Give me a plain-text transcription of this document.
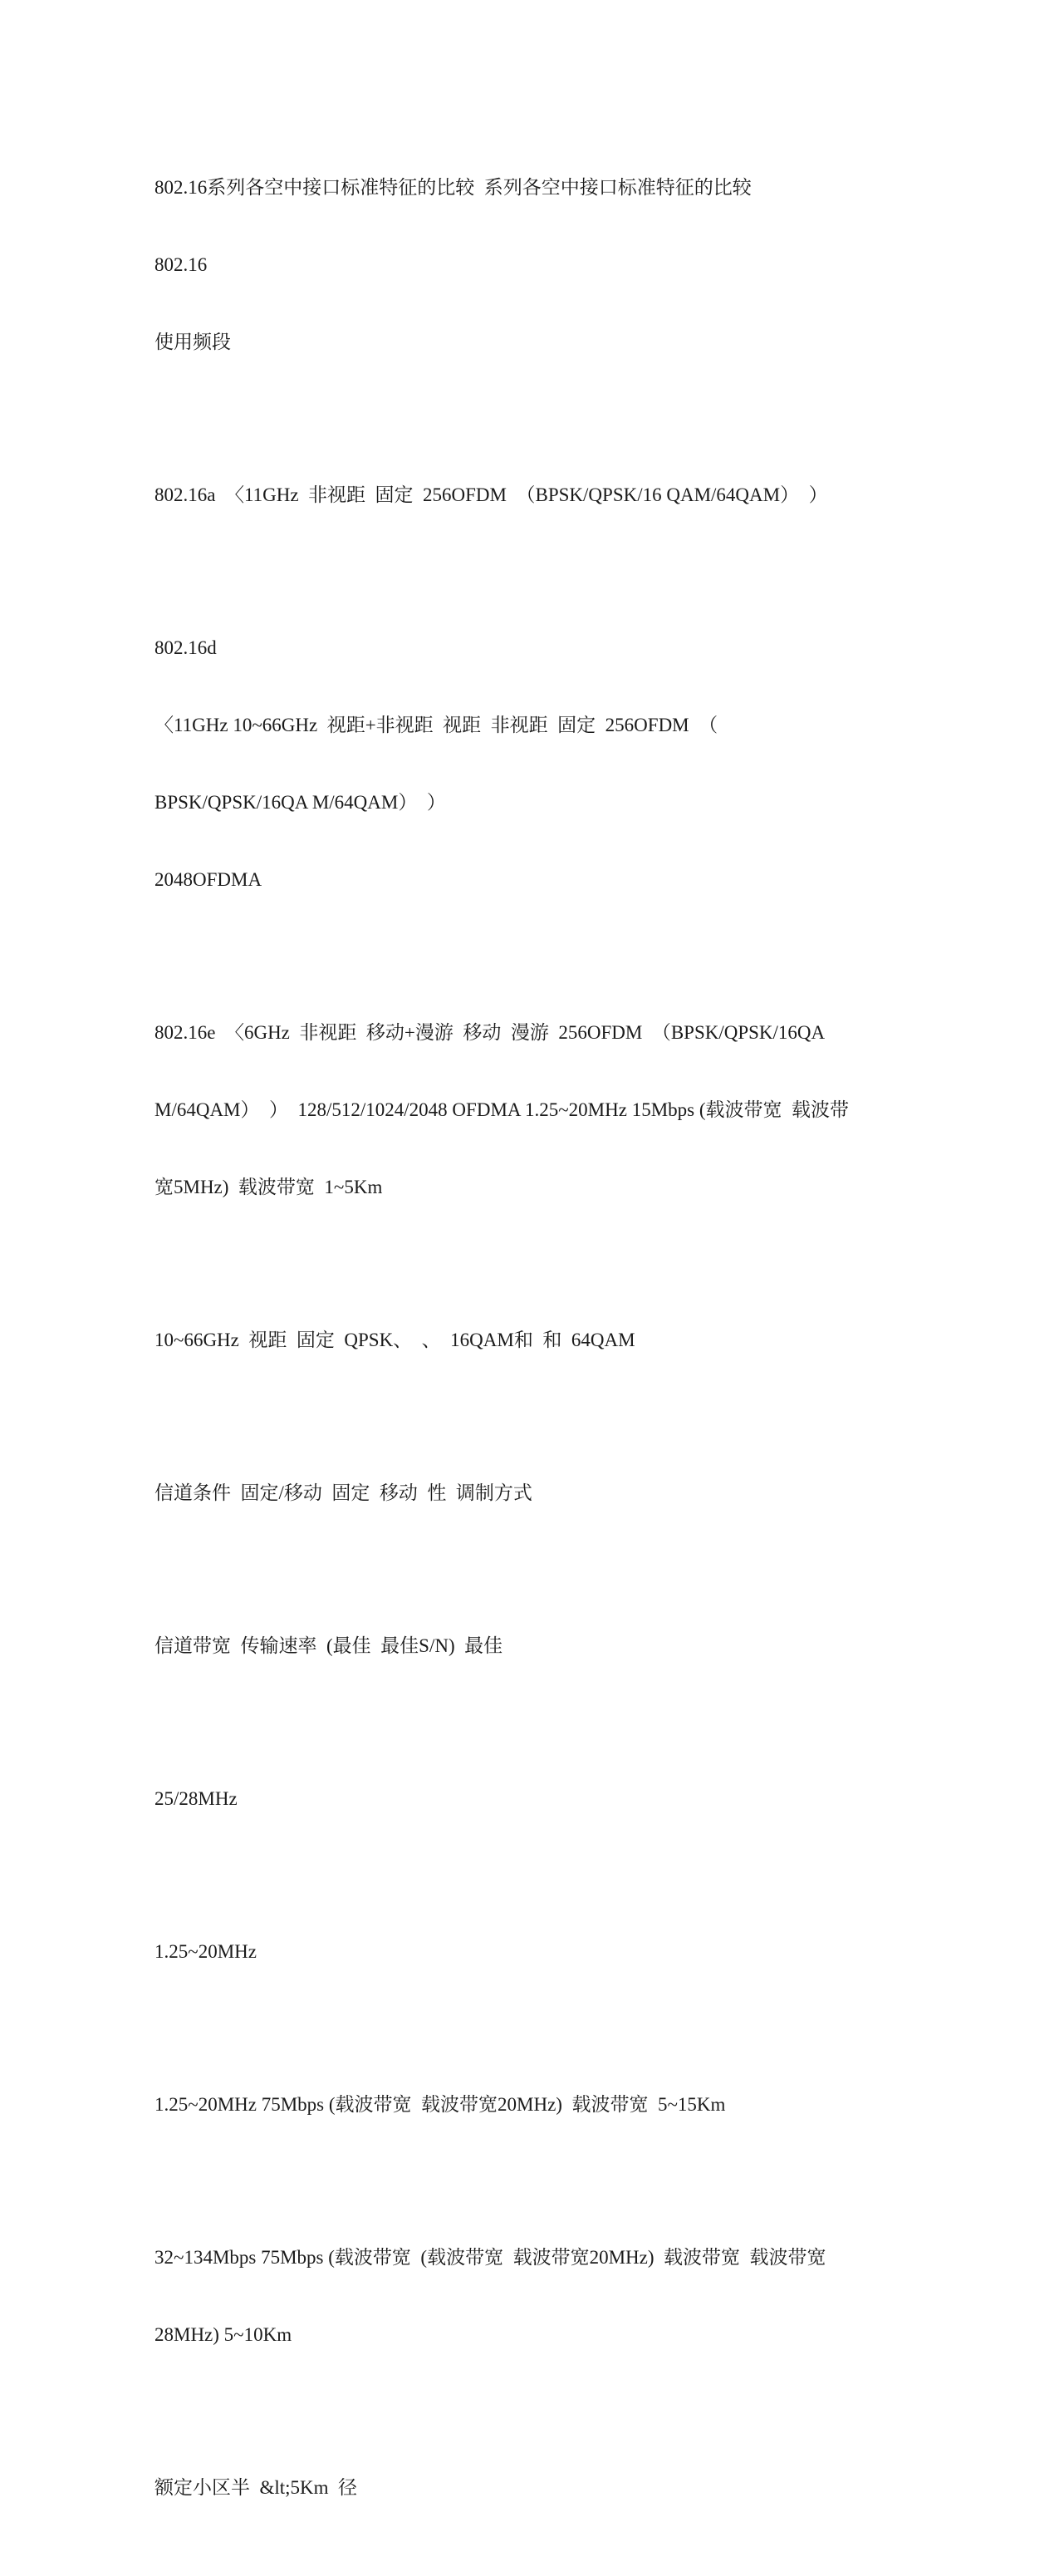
802.16系列各空中接口标准特征的比较  系列各空中接口标准特征的比较

802.16

使用频段

802.16a  〈11GHz  非视距  固定  256OFDM  （BPSK/QPSK/16 QAM/64QAM）  ）

802.16d

〈11GHz 10~66GHz  视距+非视距  视距  非视距  固定  256OFDM  （

BPSK/QPSK/16QA M/64QAM）  ）

2048OFDMA

802.16e  〈6GHz  非视距  移动+漫游  移动  漫游  256OFDM  （BPSK/QPSK/16QA

M/64QAM）  ）  128/512/1024/2048 OFDMA 1.25~20MHz 15Mbps (载波带宽  载波带

宽5MHz)  载波带宽  1~5Km

10~66GHz  视距  固定  QPSK、  、  16QAM和  和  64QAM

信道条件  固定/移动  固定  移动  性  调制方式

信道带宽  传输速率  (最佳  最佳S/N)  最佳

25/28MHz

1.25~20MHz

1.25~20MHz 75Mbps (载波带宽  载波带宽20MHz)  载波带宽  5~15Km

32~134Mbps 75Mbps (载波带宽  (载波带宽  载波带宽20MHz)  载波带宽  载波带宽

28MHz) 5~10Km

额定小区半  &lt;5Km  径
